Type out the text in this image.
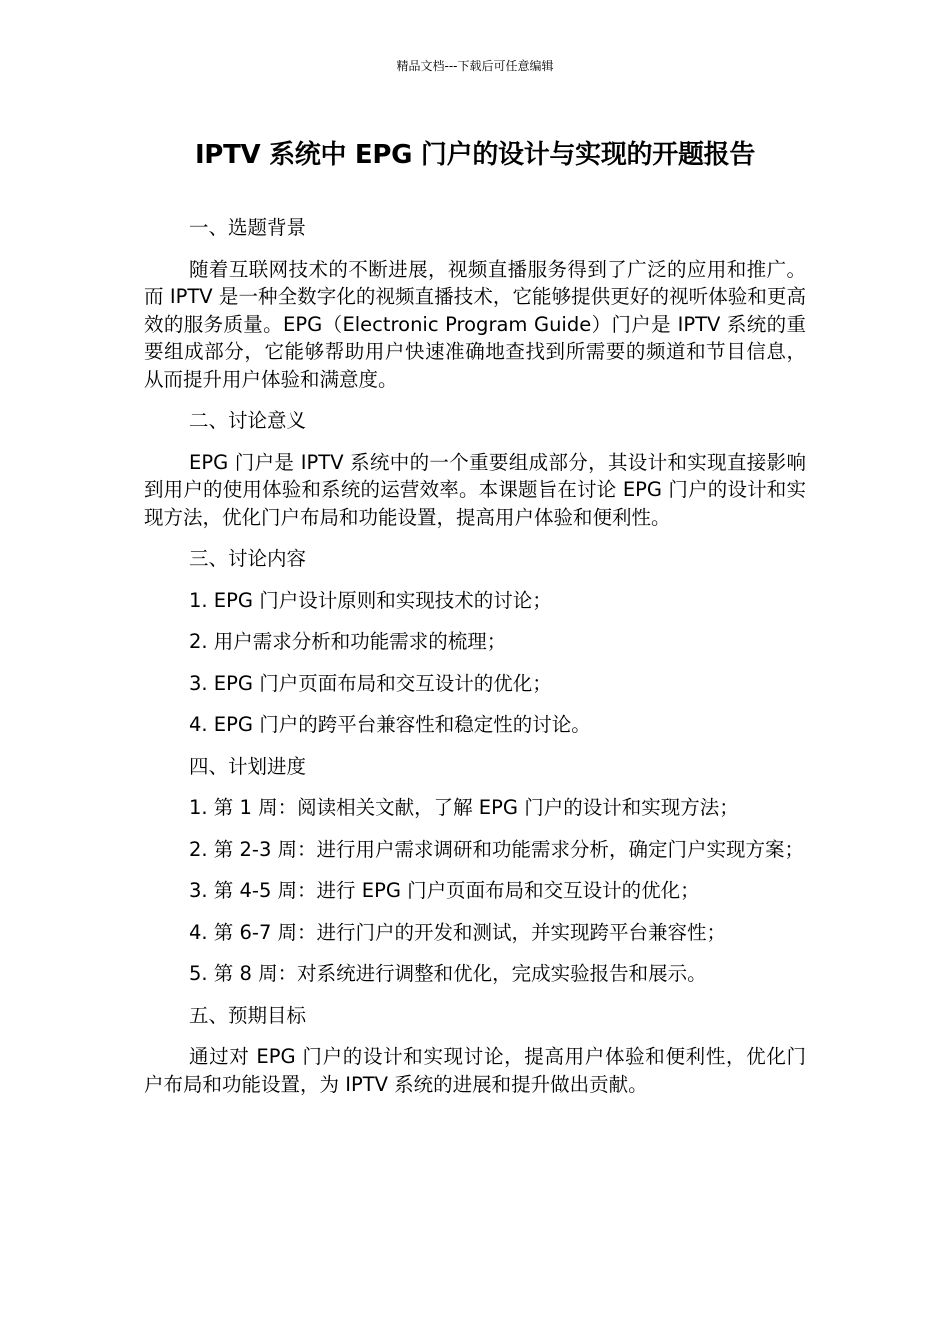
精品文档---下载后可任意编辑
IPTV 系统中 EPG 门户的设计与实现的开题报告

一、选题背景

随着互联网技术的不断进展，视频直播服务得到了广泛的应用和推广。而 IPTV 是一种全数字化的视频直播技术，它能够提供更好的视听体验和更高效的服务质量。EPG（Electronic Program Guide）门户是 IPTV 系统的重要组成部分，它能够帮助用户快速准确地查找到所需要的频道和节目信息，从而提升用户体验和满意度。

二、讨论意义

EPG 门户是 IPTV 系统中的一个重要组成部分，其设计和实现直接影响到用户的使用体验和系统的运营效率。本课题旨在讨论 EPG 门户的设计和实现方法，优化门户布局和功能设置，提高用户体验和便利性。

三、讨论内容

1. EPG 门户设计原则和实现技术的讨论；

2. 用户需求分析和功能需求的梳理；

3. EPG 门户页面布局和交互设计的优化；

4. EPG 门户的跨平台兼容性和稳定性的讨论。

四、计划进度

1. 第 1 周：阅读相关文献，了解 EPG 门户的设计和实现方法；

2. 第 2-3 周：进行用户需求调研和功能需求分析，确定门户实现方案；

3. 第 4-5 周：进行 EPG 门户页面布局和交互设计的优化；

4. 第 6-7 周：进行门户的开发和测试，并实现跨平台兼容性；

5. 第 8 周：对系统进行调整和优化，完成实验报告和展示。

五、预期目标

通过对 EPG 门户的设计和实现讨论，提高用户体验和便利性，优化门户布局和功能设置，为 IPTV 系统的进展和提升做出贡献。
